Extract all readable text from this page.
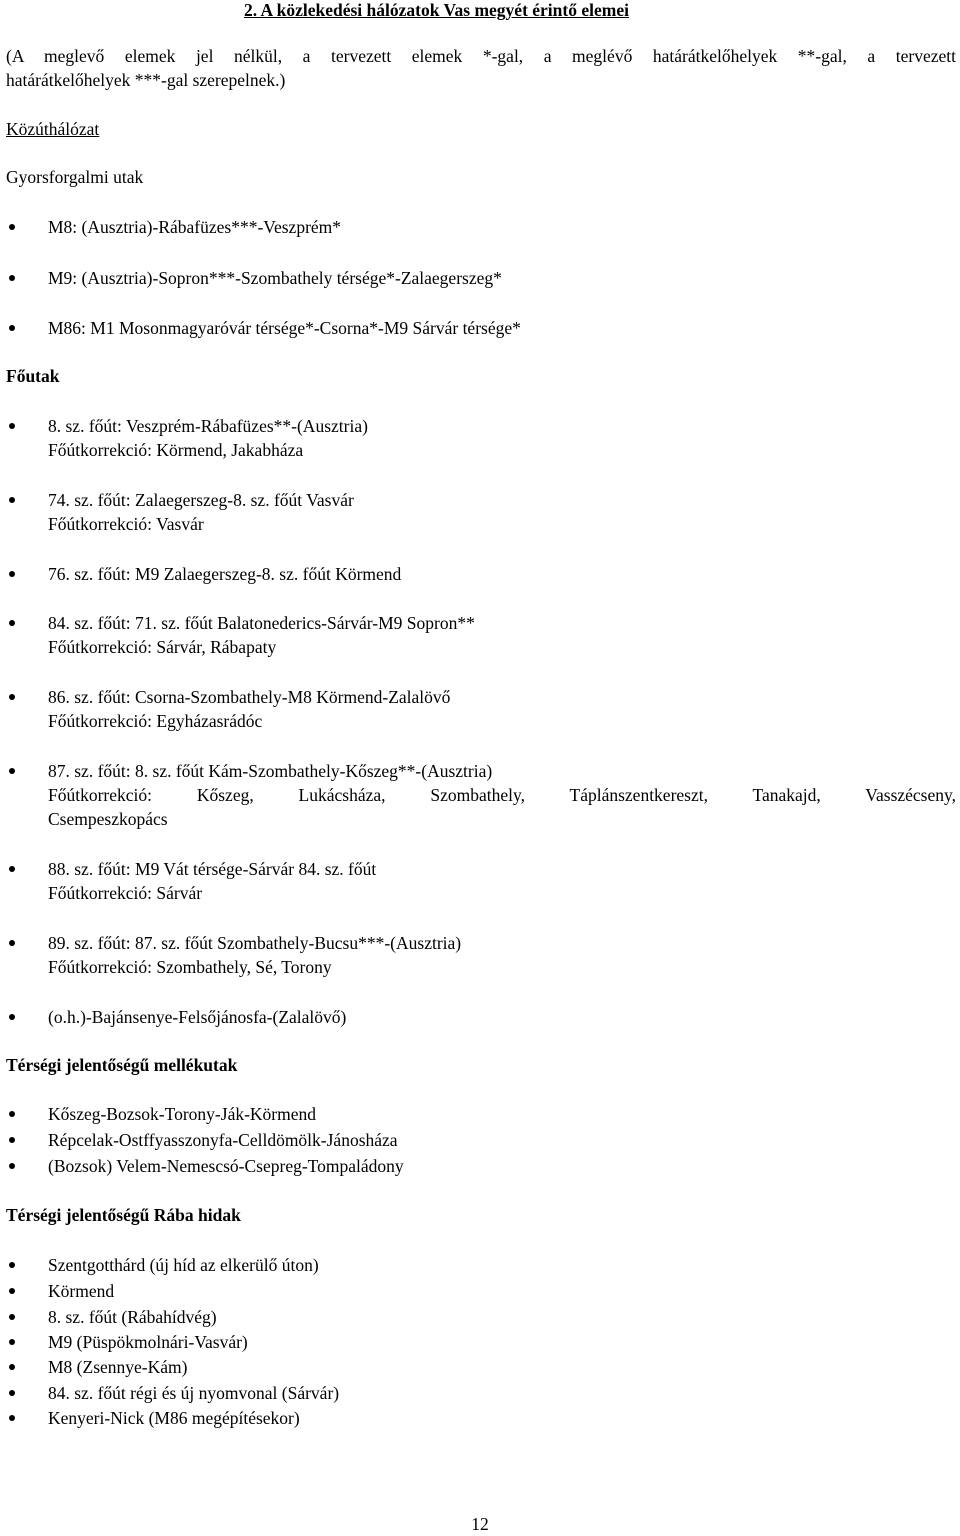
2. A közlekedési hálózatok Vas megyét érintő elemei
(A meglevő elemek jel nélkül, a tervezett elemek *-gal, a meglévő határátkelőhelyek **-gal, a tervezett
határátkelőhelyek ***-gal szerepelnek.)
Közúthálózat
Gyorsforgalmi utak
M8: (Ausztria)-Rábafüzes***-Veszprém*
M9: (Ausztria)-Sopron***-Szombathely térsége*-Zalaegerszeg*
M86: M1 Mosonmagyaróvár térsége*-Csorna*-M9 Sárvár térsége*
Főutak
8. sz. főút: Veszprém-Rábafüzes**-(Ausztria)
Főútkorrekció: Körmend, Jakabháza
74. sz. főút: Zalaegerszeg-8. sz. főút Vasvár
Főútkorrekció: Vasvár
76. sz. főút: M9 Zalaegerszeg-8. sz. főút Körmend
84. sz. főút: 71. sz. főút Balatonederics-Sárvár-M9 Sopron**
Főútkorrekció: Sárvár, Rábapaty
86. sz. főút: Csorna-Szombathely-M8 Körmend-Zalalövő
Főútkorrekció: Egyházasrádóc
87. sz. főút: 8. sz. főút Kám-Szombathely-Kőszeg**-(Ausztria)
Főútkorrekció: Kőszeg, Lukácsháza, Szombathely, Táplánszentkereszt, Tanakajd, Vasszécseny,
Csempeszkopács
88. sz. főút: M9 Vát térsége-Sárvár 84. sz. főút
Főútkorrekció: Sárvár
89. sz. főút: 87. sz. főút Szombathely-Bucsu***-(Ausztria)
Főútkorrekció: Szombathely, Sé, Torony
(o.h.)-Bajánsenye-Felsőjánosfa-(Zalalövő)
Térségi jelentőségű mellékutak
Kőszeg-Bozsok-Torony-Ják-Körmend
Répcelak-Ostffyasszonyfa-Celldömölk-Jánosháza
(Bozsok) Velem-Nemescsó-Csepreg-Tompaládony
Térségi jelentőségű Rába hidak
Szentgotthárd (új híd az elkerülő úton)
Körmend
8. sz. főút (Rábahídvég)
M9 (Püspökmolnári-Vasvár)
M8 (Zsennye-Kám)
84. sz. főút régi és új nyomvonal (Sárvár)
Kenyeri-Nick (M86 megépítésekor)
12
